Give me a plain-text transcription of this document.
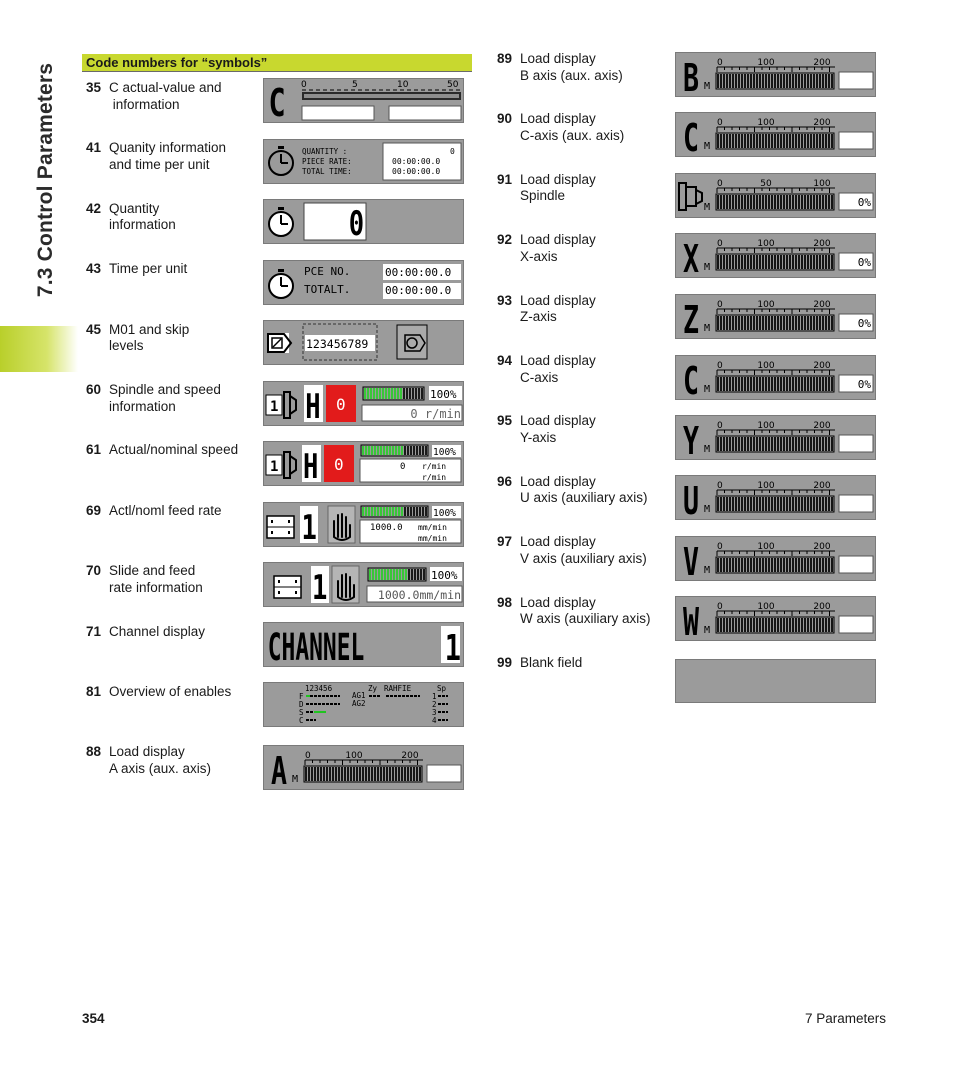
7.3 Control Parameters
Code numbers for “symbols”
35 C actual-value and
information
41 Quanity information
and time per unit
42 Quantity
information
43 Time per unit
45 M01 and skip
levels
60 Spindle and speed
information
61 Actual/nominal speed
69 Actl/noml feed rate
70 Slide and feed
rate information
71 Channel display
81 Overview of enables
88 Load display
A axis (aux. axis)
89 Load display
B axis (aux. axis)
90 Load display
C-axis (aux. axis)
91 Load display
Spindle
92 Load display
X-axis
93 Load display
Z-axis
94 Load display
C-axis
95 Load display
Y-axis
96 Load display
U axis (auxiliary axis)
97 Load display
V axis (auxiliary axis)
98 Load display
W axis (auxiliary axis)
99 Blank field
C 0	5	10	50
QUANTITY :
PIECE RATE:
TOTAL TIME:
0
00:00:00.0
00:00:00.0
0
PCE NO.
TOTALT.
00:00:00.0
00:00:00.0
123456789
1 H 0
100%
0 r/min
1 H 0
100%
0 r/min
r/min
1	100%
1000.0 mm/min
mm/min
1	100%
1000.0mm/min
CHANNEL 1
123456	Zy RAHFIE	Sp
F
D
S
C
AG1
AG2
1
2
3
4
A M
0	100	200
B M
0	100	200
C M
0	100	200
M
0	50	100
0%
X M
0	100	200
0%
Z M
0	100	200
0%
C M
0	100	200
0%
Y M
0	100	200
U M
0	100	200
V M
0	100	200
W M
0	100	200
354	7 Parameters
